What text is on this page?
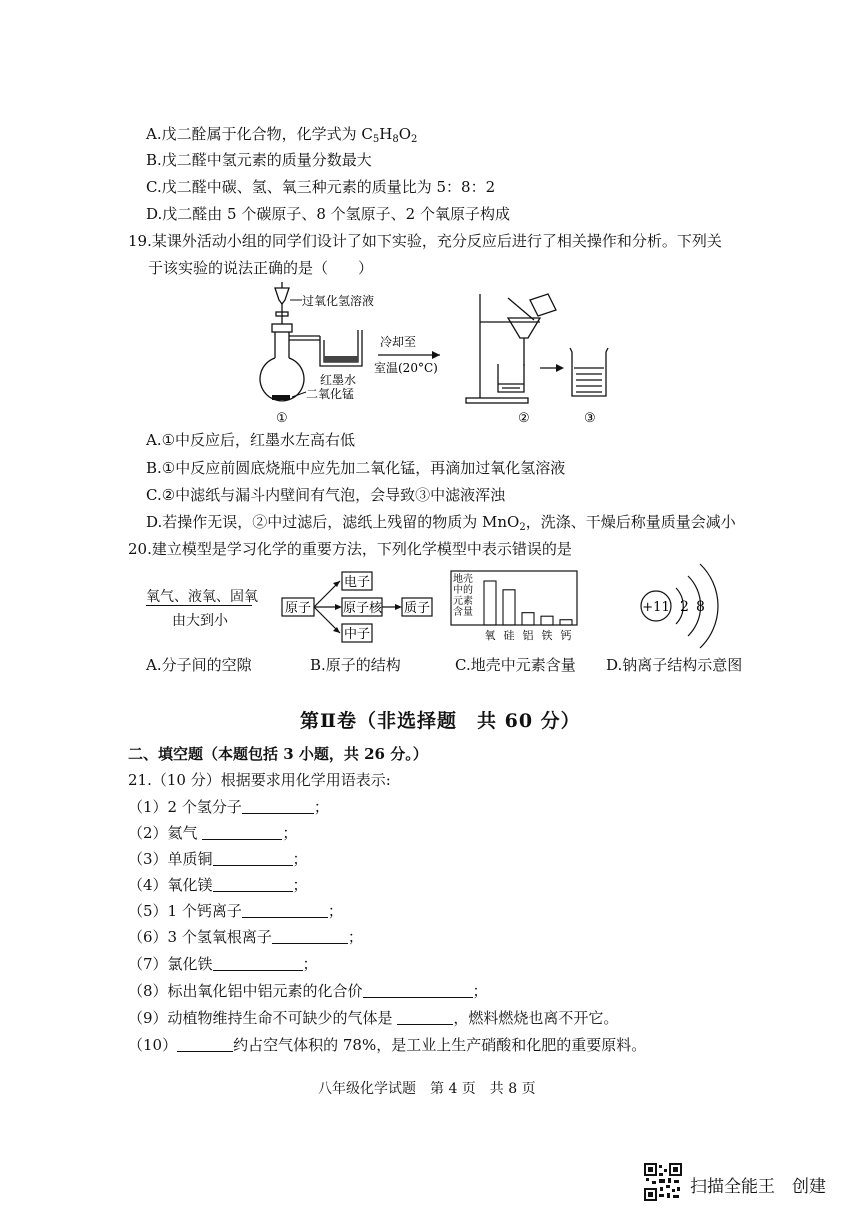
A.戊二酫属于化合物，化学式为 $C_5H_8O_2$
B.戊二醛中氢元素的质量分数最大
C.戊二醛中碳、氢、氧三种元素的质量比为 5：8：2
D.戊二醛由 5 个碳原子、8 个氢原子、2 个氧原子构成
19.某课外活动小组的同学们设计了如下实验，充分反应后进行了相关操作和分析。下列关
于该实验的说法正确的是（　　）
过氧化氢溶液
红墨水
二氧化锰
①
冷却至
室温(20°C)
②	③
A.①中反应后，红墨水左高右低
B.①中反应前圆底烧瓶中应先加二氧化锰，再滴加过氧化氢溶液
C.②中滤纸与漏斗内壁间有气泡，会导致③中滤液浑浊
D.若操作无误，②中过滤后，滤纸上残留的物质为 MnO$_2$，洗涤、干燥后称量质量会减小
20.建立模型是学习化学的重要方法，下列化学模型中表示错误的是
氧气、液氧、固氧
由大到小
原子
电子
原子核
中子
质子
地壳
中的
元素
含量
氧 硅 铝 铁 钙
+11 2 8
A.分子间的空隙	B.原子的结构	C.地壳中元素含量 D.钠离子结构示意图
第Ⅱ卷（非选择题　共 60 分）
二、填空题（本题包括 3 小题，共 26 分。）
21.（10 分）根据要求用化学用语表示:
（1）2 个氢分子	；
（2）氦气	；
（3）单质铜	；
（4）氧化镁	；
（5）1 个钙离子	；
（6）3 个氢氧根离子	；
（7）氯化铁	；
（8）标出氧化铝中铝元素的化合价	；
（9）动植物维持生命不可缺少的气体是	，燃料燃烧也离不开它。
（10）	约占空气体积的 78%，是工业上生产硝酸和化肥的重要原料。
八年级化学试题　第 4 页　共 8 页
扫描全能王　创建
